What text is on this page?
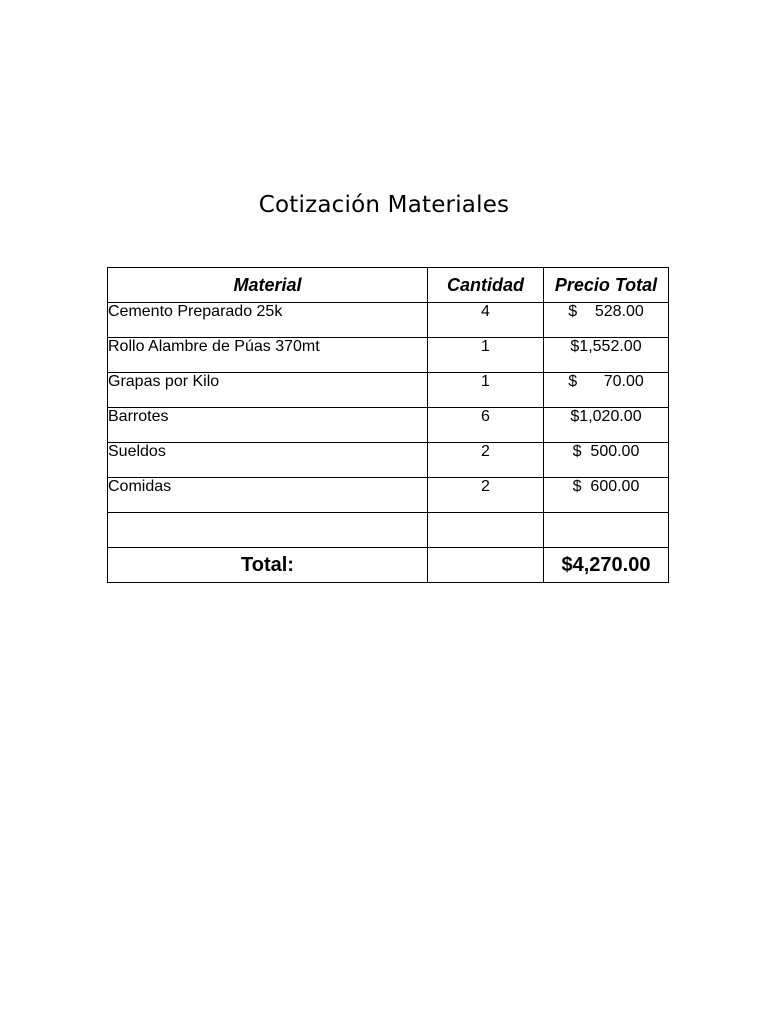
Cotización Materiales
Material	Cantidad	Precio Total
Cemento Preparado 25k	4	$    528.00
Rollo Alambre de Púas 370mt	1	$1,552.00
Grapas por Kilo	1	$      70.00
Barrotes	6	$1,020.00
Sueldos	2	$  500.00
Comidas	2	$  600.00

Total:		$4,270.00
